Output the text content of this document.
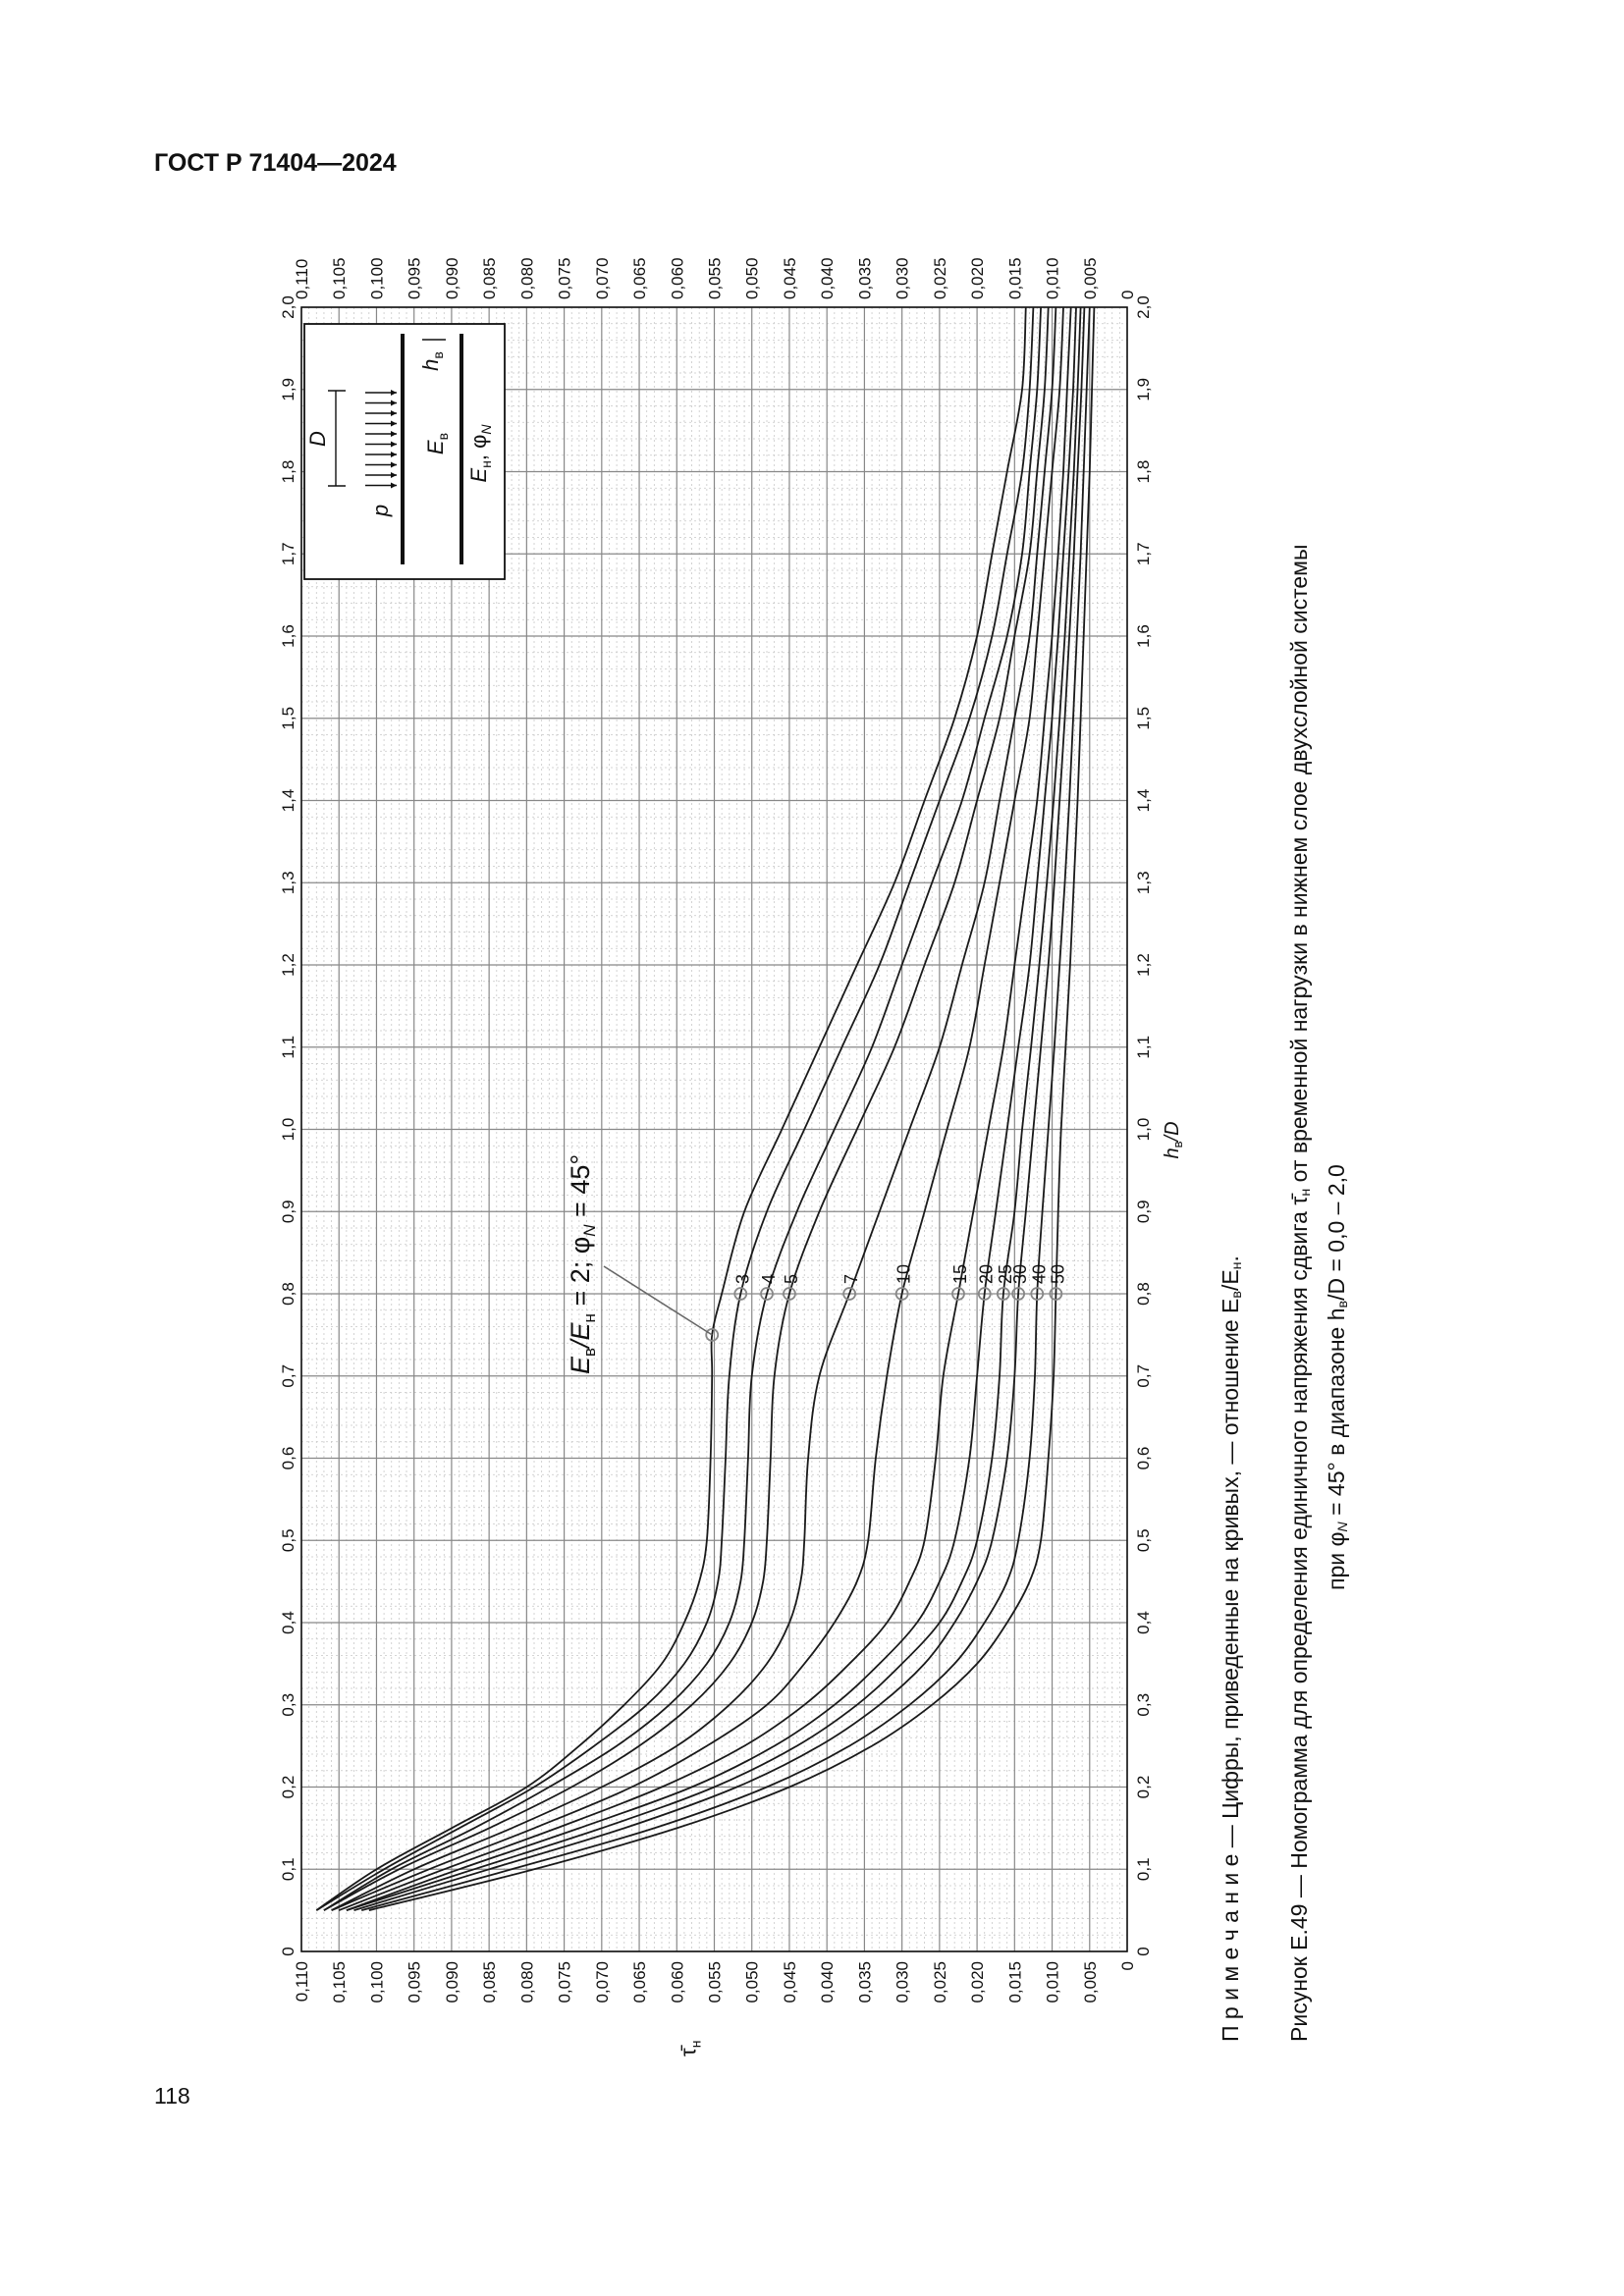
ГОСТ Р 71404—2024
0	0
0,1	0,1
0,2	0,2
0,3	0,3
0,4	0,4
0,5	0,5
0,6	0,6
0,7	0,7
0,8	0,8
0,9	0,9
1,0	1,0
1,1	1,1
1,2	1,2
1,3	1,3
1,4	1,4
1,5	1,5
1,6	1,6
1,7	1,7
1,8	1,8
1,9	1,9
2,0	2,0
0
0
0,005
0,005
0,010
0,010
0,015
0,015
0,020
0,020
0,025
0,025
0,030
0,030
0,035
0,035
0,040
0,040
0,045
0,045
0,050
0,050
0,055
0,055
0,060
0,060
0,065
0,065
0,070
0,070
0,075
0,075
0,080
0,080
0,085
0,085
0,090
0,090
0,095
0,095
0,100
0,100
0,105
0,105
0,110
0,110
3 4 5 7 10 15 20 25
30 40 50
D
p
$E_в$
$E_н$, $\varphi_N$
$h_в$
$E_в/E_н = 2$; $\varphi_N = 45^\circ$
$h_в/D$
$\taū_н$
П р и м е ч а н и е — Цифры, приведенные на кривых, — отношение $E_в/E_н$. Рисунок Е.49 — Номограмма для определения единичного напряжения сдвига $\taū_н$ от временной нагрузки в нижнем слое двухслойной системы
при $\varphi_N = 45^\circ$ в диапазоне $h_в/D = 0,0 - 2,0$
118
